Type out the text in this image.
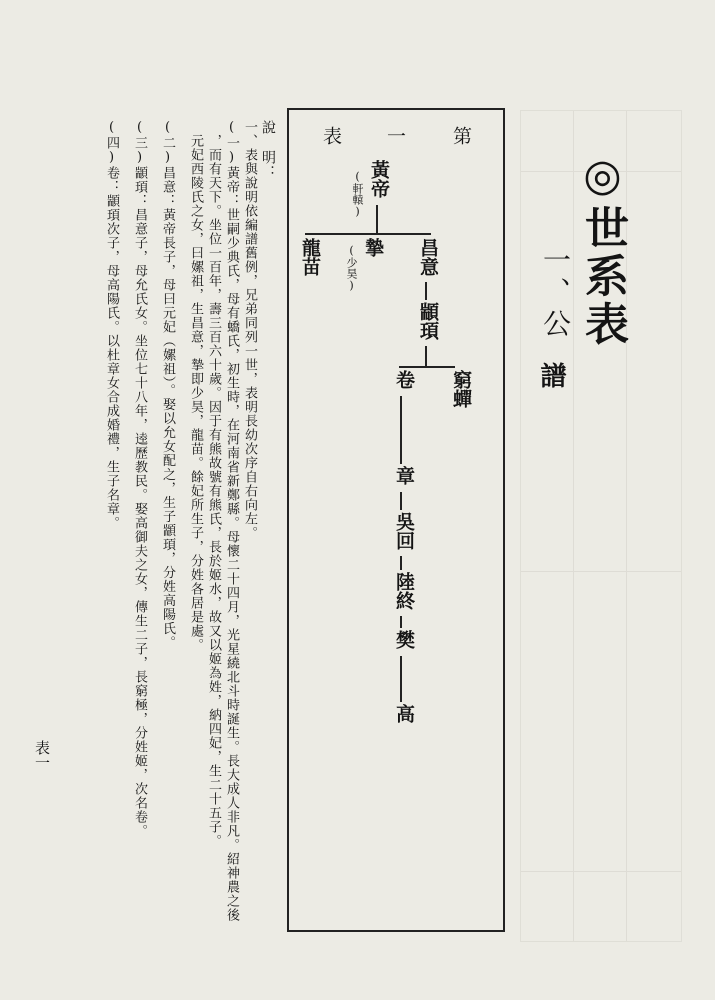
◎世系表
一、公
譜
表 一 第
黃帝
(軒轅)
昌意
摯
(少昊)
龍苗
顓頊
窮蟬
卷
章
吳回
陸終
樊
高
說　明：
一、表與說明依編譜舊例，兄弟同列一世，表明長幼次序自右向左。
(一)黃帝：世嗣少典氏，母有蟜氏，初生時，在河南省新鄭縣。母懷二十四月，光星繞北斗時誕生。長大成人非凡。紹神農之後
　，而有天下。坐位一百年，壽三百六十歲。因于有熊故號有熊氏，長於姬水，故又以姬為姓，納四妃，生二十五子。
　元妃西陵氏之女，曰嫘祖，生昌意，摯即少昊，龍苗。餘妃所生子，分姓各居是處。
(二)昌意：黃帝長子，母曰元妃（嫘祖）。娶以允女配之，生子顓頊，分姓高陽氏。
(三)顓頊：昌意子，母允氏女。坐位七十八年，逵歷教民。娶高御夫之女，傳生二子，長窮極，分姓姬，次名卷。
(四)卷：顓頊次子，母高陽氏。以杜章女合成婚禮，生子名章。
表一
